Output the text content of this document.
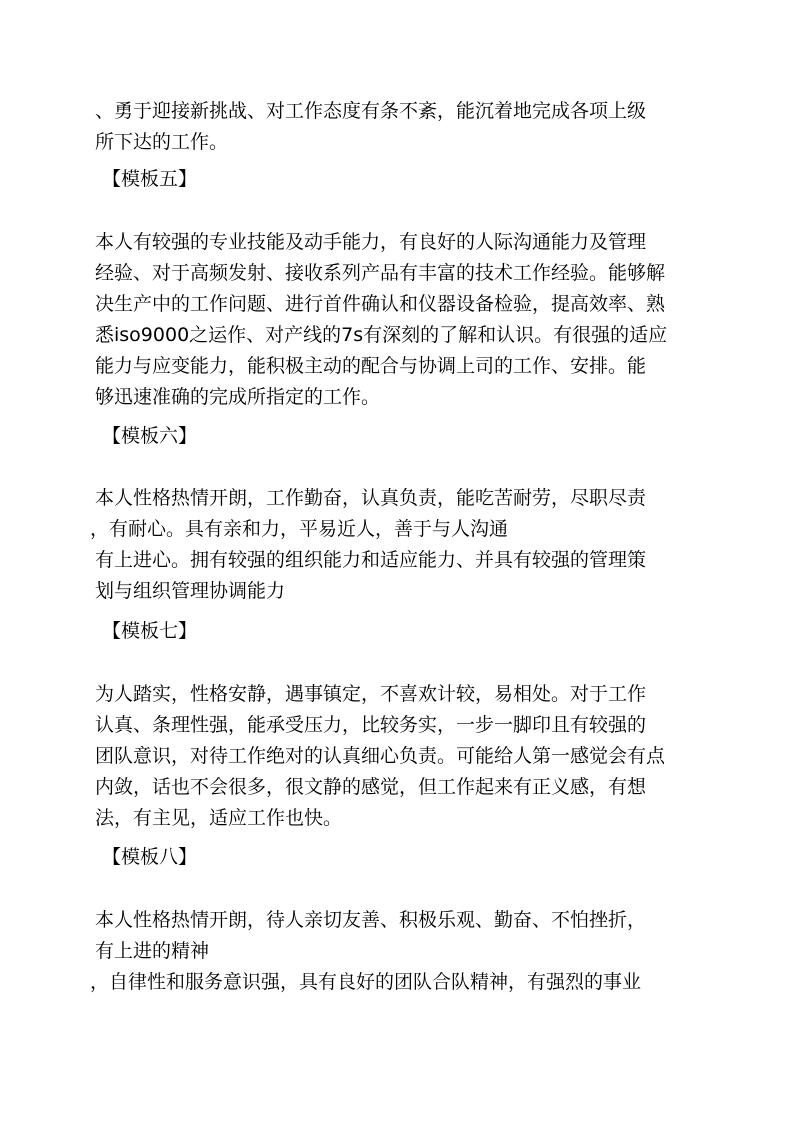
、勇于迎接新挑战、对工作态度有条不紊，能沉着地完成各项上级
所下达的工作。
【模板五】
本人有较强的专业技能及动手能力，有良好的人际沟通能力及管理
经验、对于高频发射、接收系列产品有丰富的技术工作经验。能够解
决生产中的工作问题、进行首件确认和仪器设备检验，提高效率、熟
悉iso9000之运作、对产线的7s有深刻的了解和认识。有很强的适应
能力与应变能力，能积极主动的配合与协调上司的工作、安排。能
够迅速准确的完成所指定的工作。
【模板六】
本人性格热情开朗，工作勤奋，认真负责，能吃苦耐劳，尽职尽责
，有耐心。具有亲和力，平易近人，善于与人沟通
有上进心。拥有较强的组织能力和适应能力、并具有较强的管理策
划与组织管理协调能力
【模板七】
为人踏实，性格安静，遇事镇定，不喜欢计较，易相处。对于工作
认真、条理性强，能承受压力，比较务实，一步一脚印且有较强的
团队意识，对待工作绝对的认真细心负责。可能给人第一感觉会有点
内敛，话也不会很多，很文静的感觉，但工作起来有正义感，有想
法，有主见，适应工作也快。
【模板八】
本人性格热情开朗，待人亲切友善、积极乐观、勤奋、不怕挫折，
有上进的精神
，自律性和服务意识强，具有良好的团队合队精神，有强烈的事业
